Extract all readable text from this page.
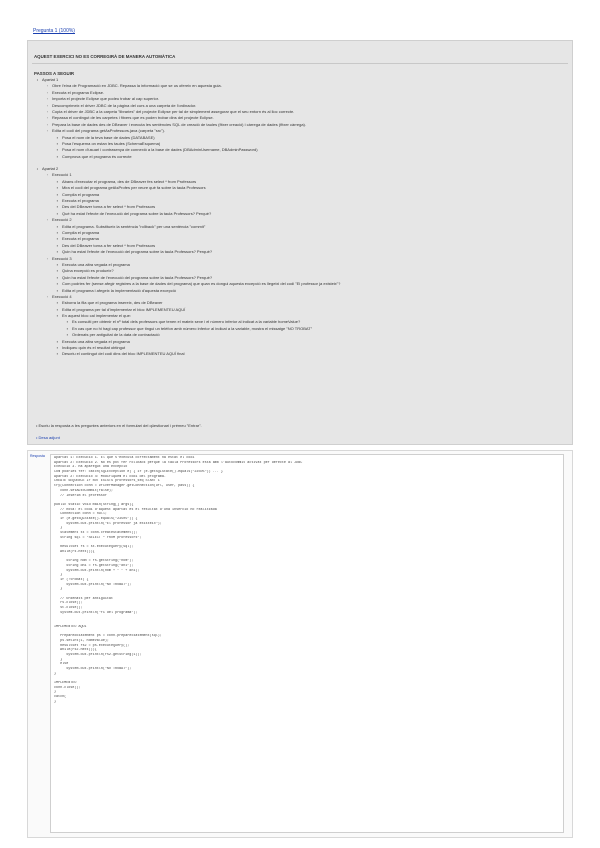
Pregunta 1 (100%)
AQUEST EXERCICI NO ES CORREGIRÀ DE MANERA AUTOMÀTICA
PASSOS A SEGUIR
• Apartat 1
◦ Obre l'eina de Programació en JDBC. Repassa la informació que se us ofereix en aquesta guia.
◦ Executa el programa Eclipse.
◦ Importa el projecte Eclipse que podeu trobar al cap superior.
◦ Descomprimeix el driver JDBC de la pàgina del curs a una carpeta de l'ordinador.
◦ Copia el driver de JDBC a la carpeta "libraries" del projecte Eclipse per tal de simplement assegurar que el seu entorn és al lloc correcte.
◦ Repassa el contingut de les carpetes i fitxers que es poden trobar dins del projecte Eclipse.
◦ Prepara la base de dades des de DBeaver i executa les sentències SQL de creació de taules (fitxer creació) i càrrega de dades (fitxer càrrega).
◦ Edita el codi del programa getAsProfessors.java (carpeta "src").
▪ Posa el nom de la teva base de dades (DATABASE)
▪ Posa l'esquema on estan les taules (SchemaEsquema)
▪ Posa el nom d'usuari i contrasenya de connexió a la base de dades (DBAdminUsername, DBAdminPassword)
▪ Comprova que el programa és correcte
• Apartat 2
◦ Execució 1
▪ Abans d'executar el programa, des de DBeaver fes select * from Professors
▪ Mira el codi del programa getAsProfes per veure què fa sobre la taula Professors
▪ Compila el programa
▪ Executa el programa
▪ Des del DBeaver torna a fer select * from Professors
▪ Què ha estat l'efecte de l'execució del programa sobre la taula Professors? Perquè?
◦ Execució 2
▪ Edita el programa. Substitueix la sentència "rollback" per una sentència "commit"
▪ Compila el programa
▪ Executa el programa
▪ Des del DBeaver torna a fer select * from Professors
▪ Quin ha estat l'efecte de l'execució del programa sobre la taula Professors? Perquè?
◦ Execució 3
▪ Executa una altra vegada el programa
▪ Quina excepció es produeix?
▪ Quin ha estat l'efecte de l'execució del programa sobre la taula Professors? Perquè?
▪ Com podries fer (sense afegir registres a la base de dades del programa) que quan es dongui aquesta excepció es llegeixi del codi "El professor ja existeix"?
▪ Edita el programa i afegeix la implementació d'aquesta excepció
◦ Execució 4
▪ Esborra la fila que el programa insereix, des de DBeaver
▪ Edita el programa per tal d'implementar el bloc IMPLEMENTEU AQUÍ
▪ En aquest bloc cal implementar el que:
▪ Es consulti per obtenir el nº total dels professors que tenen el mateix sexe i el número inferior al indicat a la variable homeValue?
▪ En cas que no hi hagi cap professor que tingui un telèfon amb número inferior al indicat a la variable, mostra el missatge "NO TROBAT"
▪ Ordenats per antiguitat de la data de contractació
▪ Executa una altra vegada el programa
▪ Indiqueu quin és el resultat obtingut
▪ Descriu el contingut del codi dins del bloc IMPLEMENTEU AQUÍ final
• Escriu la resposta a les preguntes anteriors en el formulari del qüestionari i prémeu "Entrar".
• Desa adjunt
Resposta	Apartat 1: Execució 1. El que s'executa correctament ha estat el codi
Apartat 2: Execució 2. No es pot fer rollback perquè la taula Professors està amb l'autocommit activat per defecte al JDBC
Execució 3. Ha aparegut una excepció
Com podries fer: catch(SQLException e) { if (e.getSQLState().equals("23505")) ... }
Apartat 2: Execució 4: Modifiquem el codi del programa.
CREATE SEQUENCE IF NOT EXISTS professors_seq START 1
try(Connection conn = DriverManager.getConnection(url, user, pass)) {
conn.setAutoCommit(false);
// Inserim el professor
public static void main(String[] args){
// nota: el codi d'aquest apartat és el resultat d'una inserció no realitzada
Connection conn = null;
if (e.getSQLState().equals("23505")) {
System.out.println("El professor ja existeix");
}
Statement st = conn.createStatement();
String sql = "SELECT * FROM professors";
ResultSet rs = st.executeQuery(sql);
while(rs.next()){
String nom = rs.getString("nom");
String dni = rs.getString("dni");
System.out.println(nom + " " + dni);
}
if (!trobat) {
System.out.println("NO TROBAT");
}
// Ordenats per antiguitat
rs.close();
st.close();
System.out.println("Fi del programa");
IMPLEMENTEU AQUÍ
PreparedStatement ps = conn.prepareStatement(sql);
ps.setInt(1, homeValue);
ResultSet rs2 = ps.executeQuery();
while(rs2.next()){
System.out.println(rs2.getString(1));
}
else
System.out.println("NO TROBAT");
}
IMPLEMENTEU
conn.close();
}
catch(
}
